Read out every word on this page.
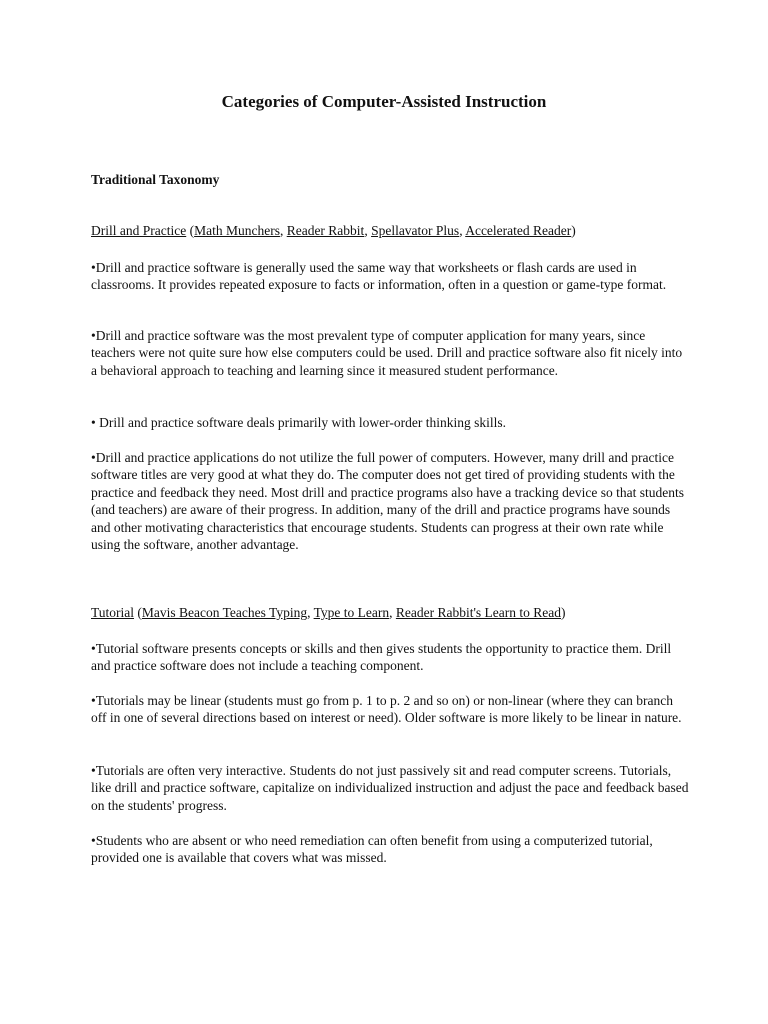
Categories of Computer-Assisted Instruction

Traditional Taxonomy

Drill and Practice (Math Munchers, Reader Rabbit, Spellavator Plus, Accelerated Reader)

•Drill and practice software is generally used the same way that worksheets or flash cards are used in classrooms. It provides repeated exposure to facts or information, often in a question or game-type format.

•Drill and practice software was the most prevalent type of computer application for many years, since teachers were not quite sure how else computers could be used. Drill and practice software also fit nicely into a behavioral approach to teaching and learning since it measured student performance.

• Drill and practice software deals primarily with lower-order thinking skills.

•Drill and practice applications do not utilize the full power of computers. However, many drill and practice software titles are very good at what they do. The computer does not get tired of providing students with the practice and feedback they need. Most drill and practice programs also have a tracking device so that students (and teachers) are aware of their progress. In addition, many of the drill and practice programs have sounds and other motivating characteristics that encourage students. Students can progress at their own rate while using the software, another advantage.

Tutorial (Mavis Beacon Teaches Typing, Type to Learn, Reader Rabbit's Learn to Read)

•Tutorial software presents concepts or skills and then gives students the opportunity to practice them. Drill and practice software does not include a teaching component.

•Tutorials may be linear (students must go from p. 1 to p. 2 and so on) or non-linear (where they can branch off in one of several directions based on interest or need). Older software is more likely to be linear in nature.

•Tutorials are often very interactive. Students do not just passively sit and read computer screens. Tutorials, like drill and practice software, capitalize on individualized instruction and adjust the pace and feedback based on the students' progress.

•Students who are absent or who need remediation can often benefit from using a computerized tutorial, provided one is available that covers what was missed.
